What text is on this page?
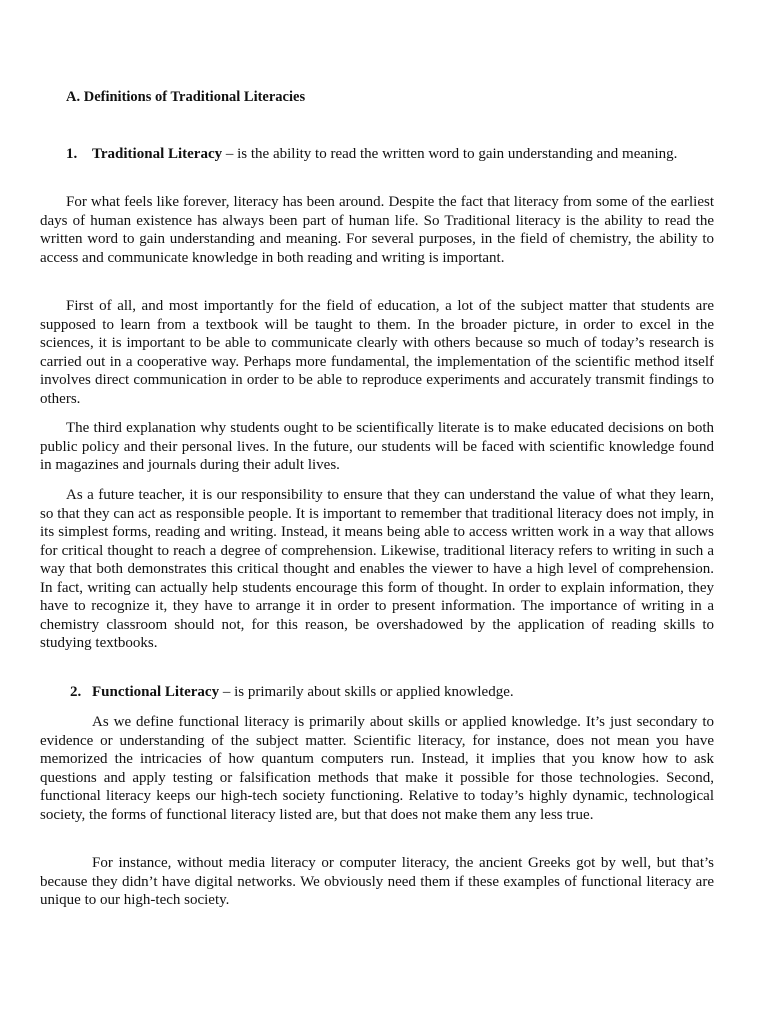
A. Definitions of Traditional Literacies

1. Traditional Literacy – is the ability to read the written word to gain understanding and meaning.

For what feels like forever, literacy has been around. Despite the fact that literacy from some of the earliest days of human existence has always been part of human life. So Traditional literacy is the ability to read the written word to gain understanding and meaning. For several purposes, in the field of chemistry, the ability to access and communicate knowledge in both reading and writing is important.

First of all, and most importantly for the field of education, a lot of the subject matter that students are supposed to learn from a textbook will be taught to them. In the broader picture, in order to excel in the sciences, it is important to be able to communicate clearly with others because so much of today’s research is carried out in a cooperative way. Perhaps more fundamental, the implementation of the scientific method itself involves direct communication in order to be able to reproduce experiments and accurately transmit findings to others.

The third explanation why students ought to be scientifically literate is to make educated decisions on both public policy and their personal lives. In the future, our students will be faced with scientific knowledge found in magazines and journals during their adult lives.

As a future teacher, it is our responsibility to ensure that they can understand the value of what they learn, so that they can act as responsible people. It is important to remember that traditional literacy does not imply, in its simplest forms, reading and writing. Instead, it means being able to access written work in a way that allows for critical thought to reach a degree of comprehension. Likewise, traditional literacy refers to writing in such a way that both demonstrates this critical thought and enables the viewer to have a high level of comprehension. In fact, writing can actually help students encourage this form of thought. In order to explain information, they have to recognize it, they have to arrange it in order to present information. The importance of writing in a chemistry classroom should not, for this reason, be overshadowed by the application of reading skills to studying textbooks.

2. Functional Literacy – is primarily about skills or applied knowledge.

As we define functional literacy is primarily about skills or applied knowledge. It’s just secondary to evidence or understanding of the subject matter. Scientific literacy, for instance, does not mean you have memorized the intricacies of how quantum computers run. Instead, it implies that you know how to ask questions and apply testing or falsification methods that make it possible for those technologies. Second, functional literacy keeps our high-tech society functioning. Relative to today’s highly dynamic, technological society, the forms of functional literacy listed are, but that does not make them any less true.

For instance, without media literacy or computer literacy, the ancient Greeks got by well, but that’s because they didn’t have digital networks. We obviously need them if these examples of functional literacy are unique to our high-tech society.
